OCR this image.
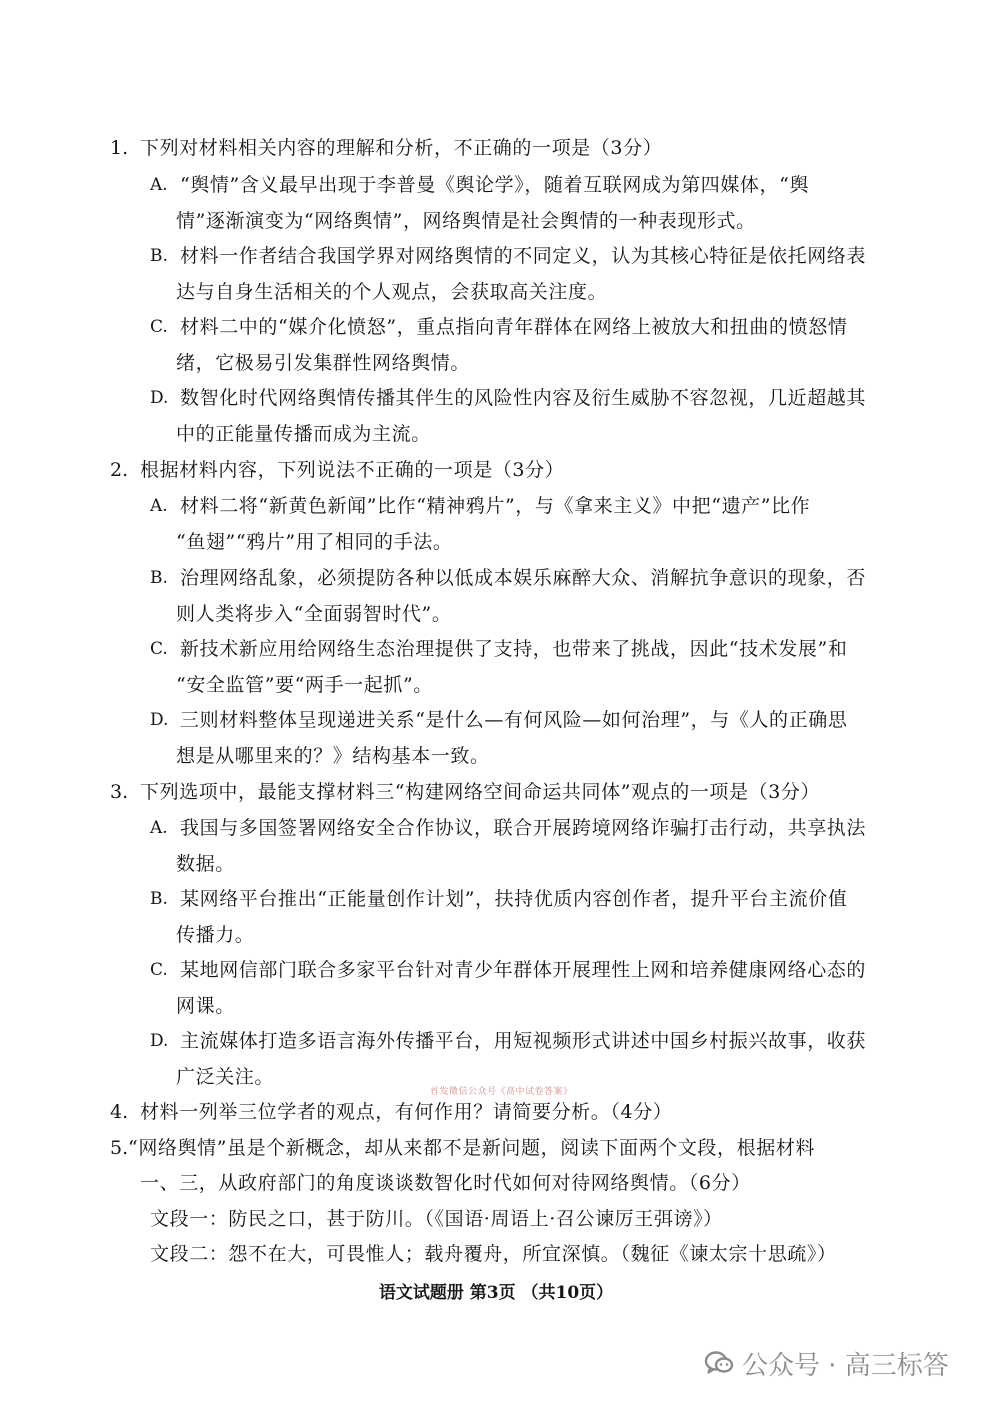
1. 下列对材料相关内容的理解和分析，不正确的一项是（3分）
A. “舆情”含义最早出现于李普曼《舆论学》，随着互联网成为第四媒体，“舆
情”逐渐演变为“网络舆情”，网络舆情是社会舆情的一种表现形式。
B. 材料一作者结合我国学界对网络舆情的不同定义，认为其核心特征是依托网络表
达与自身生活相关的个人观点，会获取高关注度。
C. 材料二中的“媒介化愤怒”，重点指向青年群体在网络上被放大和扭曲的愤怒情
绪，它极易引发集群性网络舆情。
D. 数智化时代网络舆情传播其伴生的风险性内容及衍生威胁不容忽视，几近超越其
中的正能量传播而成为主流。
2. 根据材料内容，下列说法不正确的一项是（3分）
A. 材料二将“新黄色新闻”比作“精神鸦片”，与《拿来主义》中把“遗产”比作
“鱼翅”“鸦片”用了相同的手法。
B. 治理网络乱象，必须提防各种以低成本娱乐麻醉大众、消解抗争意识的现象，否
则人类将步入“全面弱智时代”。
C. 新技术新应用给网络生态治理提供了支持，也带来了挑战，因此“技术发展”和
“安全监管”要“两手一起抓”。
D. 三则材料整体呈现递进关系“是什么—有何风险—如何治理”，与《人的正确思
想是从哪里来的？》结构基本一致。
3. 下列选项中，最能支撑材料三“构建网络空间命运共同体”观点的一项是（3分）
A. 我国与多国签署网络安全合作协议，联合开展跨境网络诈骗打击行动，共享执法
数据。
B. 某网络平台推出“正能量创作计划”，扶持优质内容创作者，提升平台主流价值
传播力。
C. 某地网信部门联合多家平台针对青少年群体开展理性上网和培养健康网络心态的
网课。
D. 主流媒体打造多语言海外传播平台，用短视频形式讲述中国乡村振兴故事，收获
广泛关注。
首发微信公众号《高中试卷答案》
4. 材料一列举三位学者的观点，有何作用？请简要分析。（4分）
5. “网络舆情”虽是个新概念，却从来都不是新问题，阅读下面两个文段，根据材料
一、三，从政府部门的角度谈谈数智化时代如何对待网络舆情。（6分）
文段一：防民之口，甚于防川。（《国语·周语上·召公谏厉王弭谤》）
文段二：怨不在大，可畏惟人；载舟覆舟，所宜深慎。（魏征《谏太宗十思疏》）
语文试题册 第3页 （共10页）
公众号 · 高三标答
